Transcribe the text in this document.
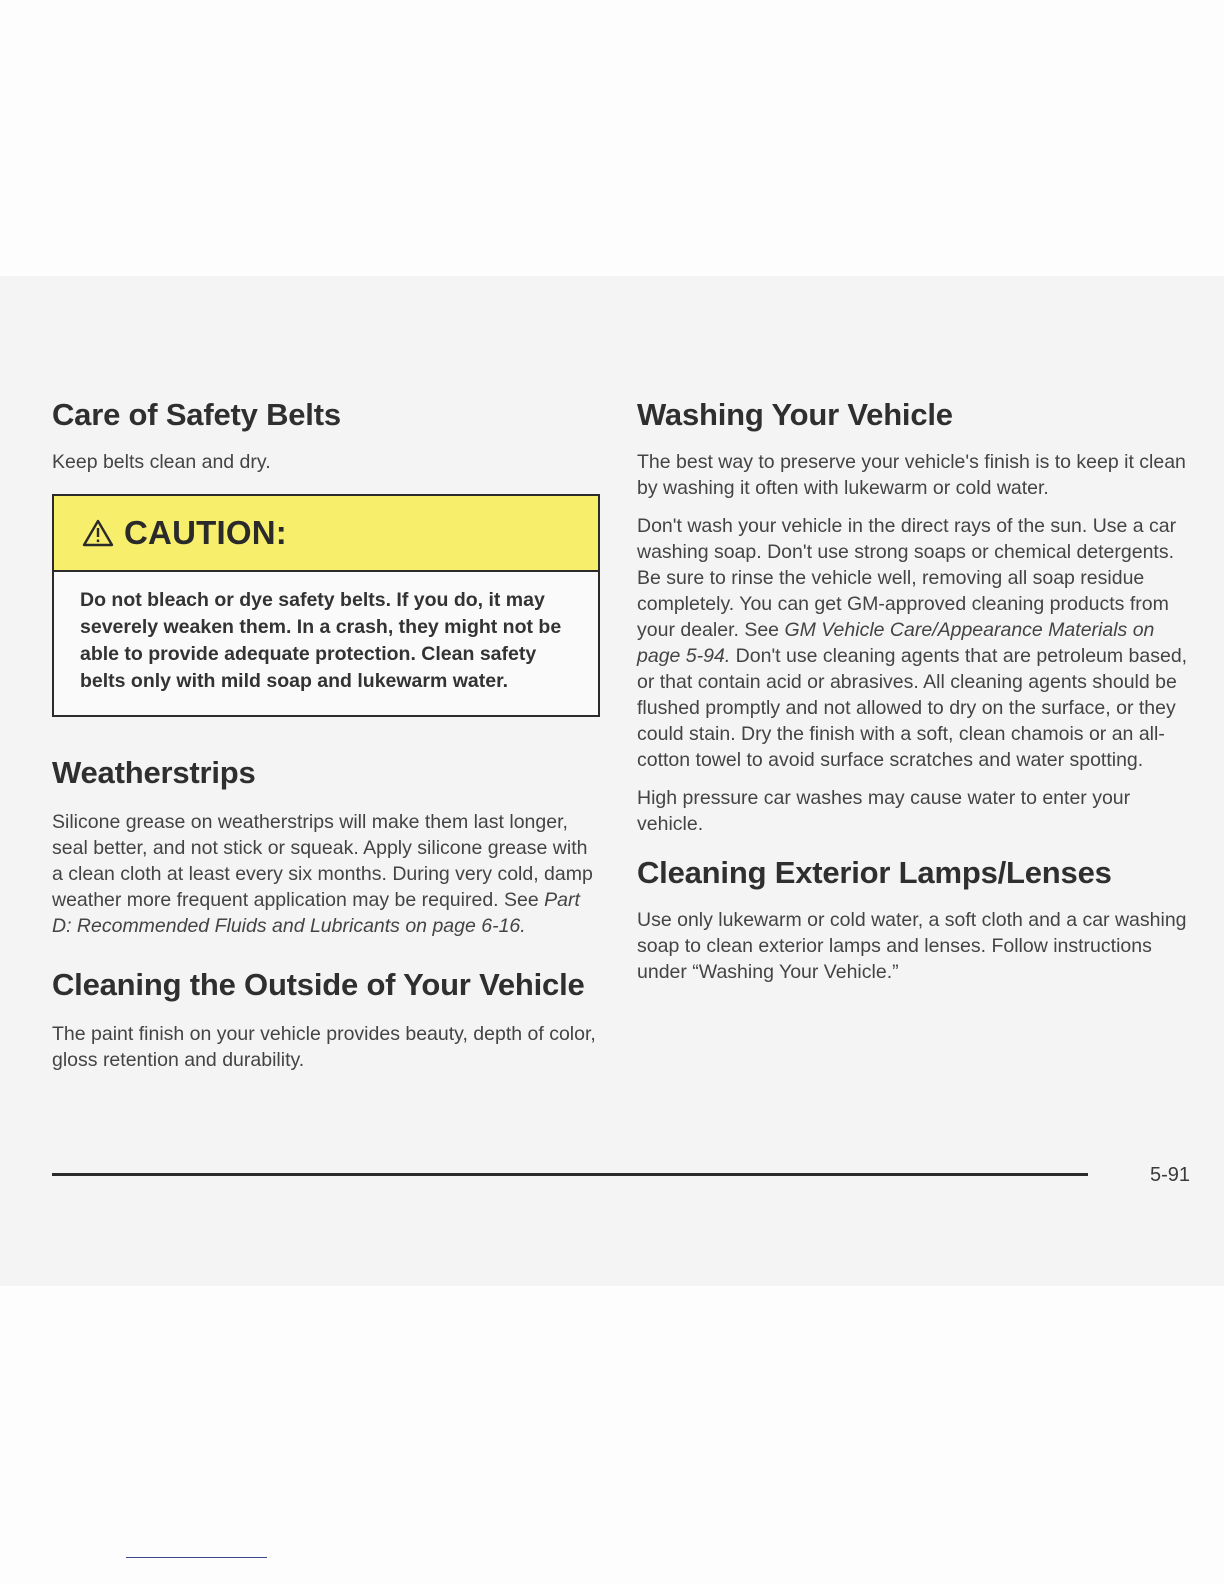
Care of Safety Belts

Keep belts clean and dry.

CAUTION:
Do not bleach or dye safety belts. If you do, it may severely weaken them. In a crash, they might not be able to provide adequate protection. Clean safety belts only with mild soap and lukewarm water.
Weatherstrips

Silicone grease on weatherstrips will make them last longer, seal better, and not stick or squeak. Apply silicone grease with a clean cloth at least every six months. During very cold, damp weather more frequent application may be required. See Part D: Recommended Fluids and Lubricants on page 6-16.

Cleaning the Outside of Your Vehicle

The paint finish on your vehicle provides beauty, depth of color, gloss retention and durability.

Washing Your Vehicle

The best way to preserve your vehicle's finish is to keep it clean by washing it often with lukewarm or cold water.

Don't wash your vehicle in the direct rays of the sun. Use a car washing soap. Don't use strong soaps or chemical detergents. Be sure to rinse the vehicle well, removing all soap residue completely. You can get GM-approved cleaning products from your dealer. See GM Vehicle Care/Appearance Materials on page 5-94. Don't use cleaning agents that are petroleum based, or that contain acid or abrasives. All cleaning agents should be flushed promptly and not allowed to dry on the surface, or they could stain. Dry the finish with a soft, clean chamois or an all-cotton towel to avoid surface scratches and water spotting.

High pressure car washes may cause water to enter your vehicle.

Cleaning Exterior Lamps/Lenses

Use only lukewarm or cold water, a soft cloth and a car washing soap to clean exterior lamps and lenses. Follow instructions under “Washing Your Vehicle.”

5-91
